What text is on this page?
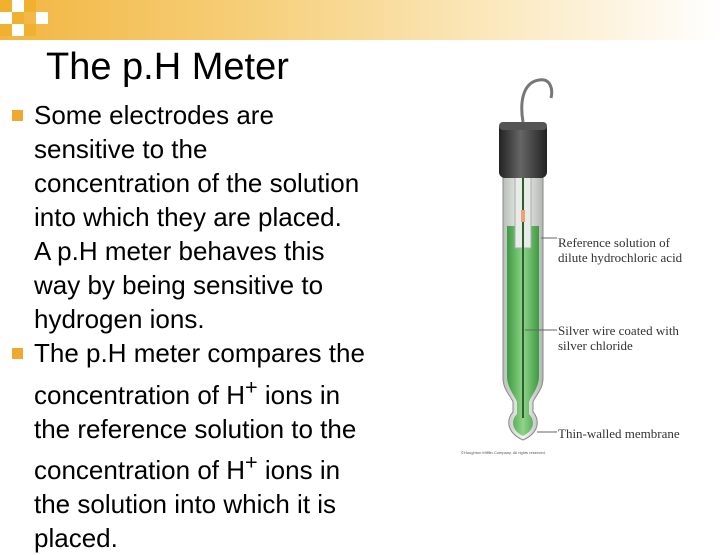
The p.H Meter
Some electrodes are
sensitive to the
concentration of the solution
into which they are placed.
A p.H meter behaves this
way by being sensitive to
hydrogen ions.
The p.H meter compares the
concentration of H+ ions in
the reference solution to the
concentration of H+ ions in
the solution into which it is
placed.
Reference solution of
dilute hydrochloric acid
Silver wire coated with
silver chloride
Thin-walled membrane
©Houghton Mifflin Company. All rights reserved.
